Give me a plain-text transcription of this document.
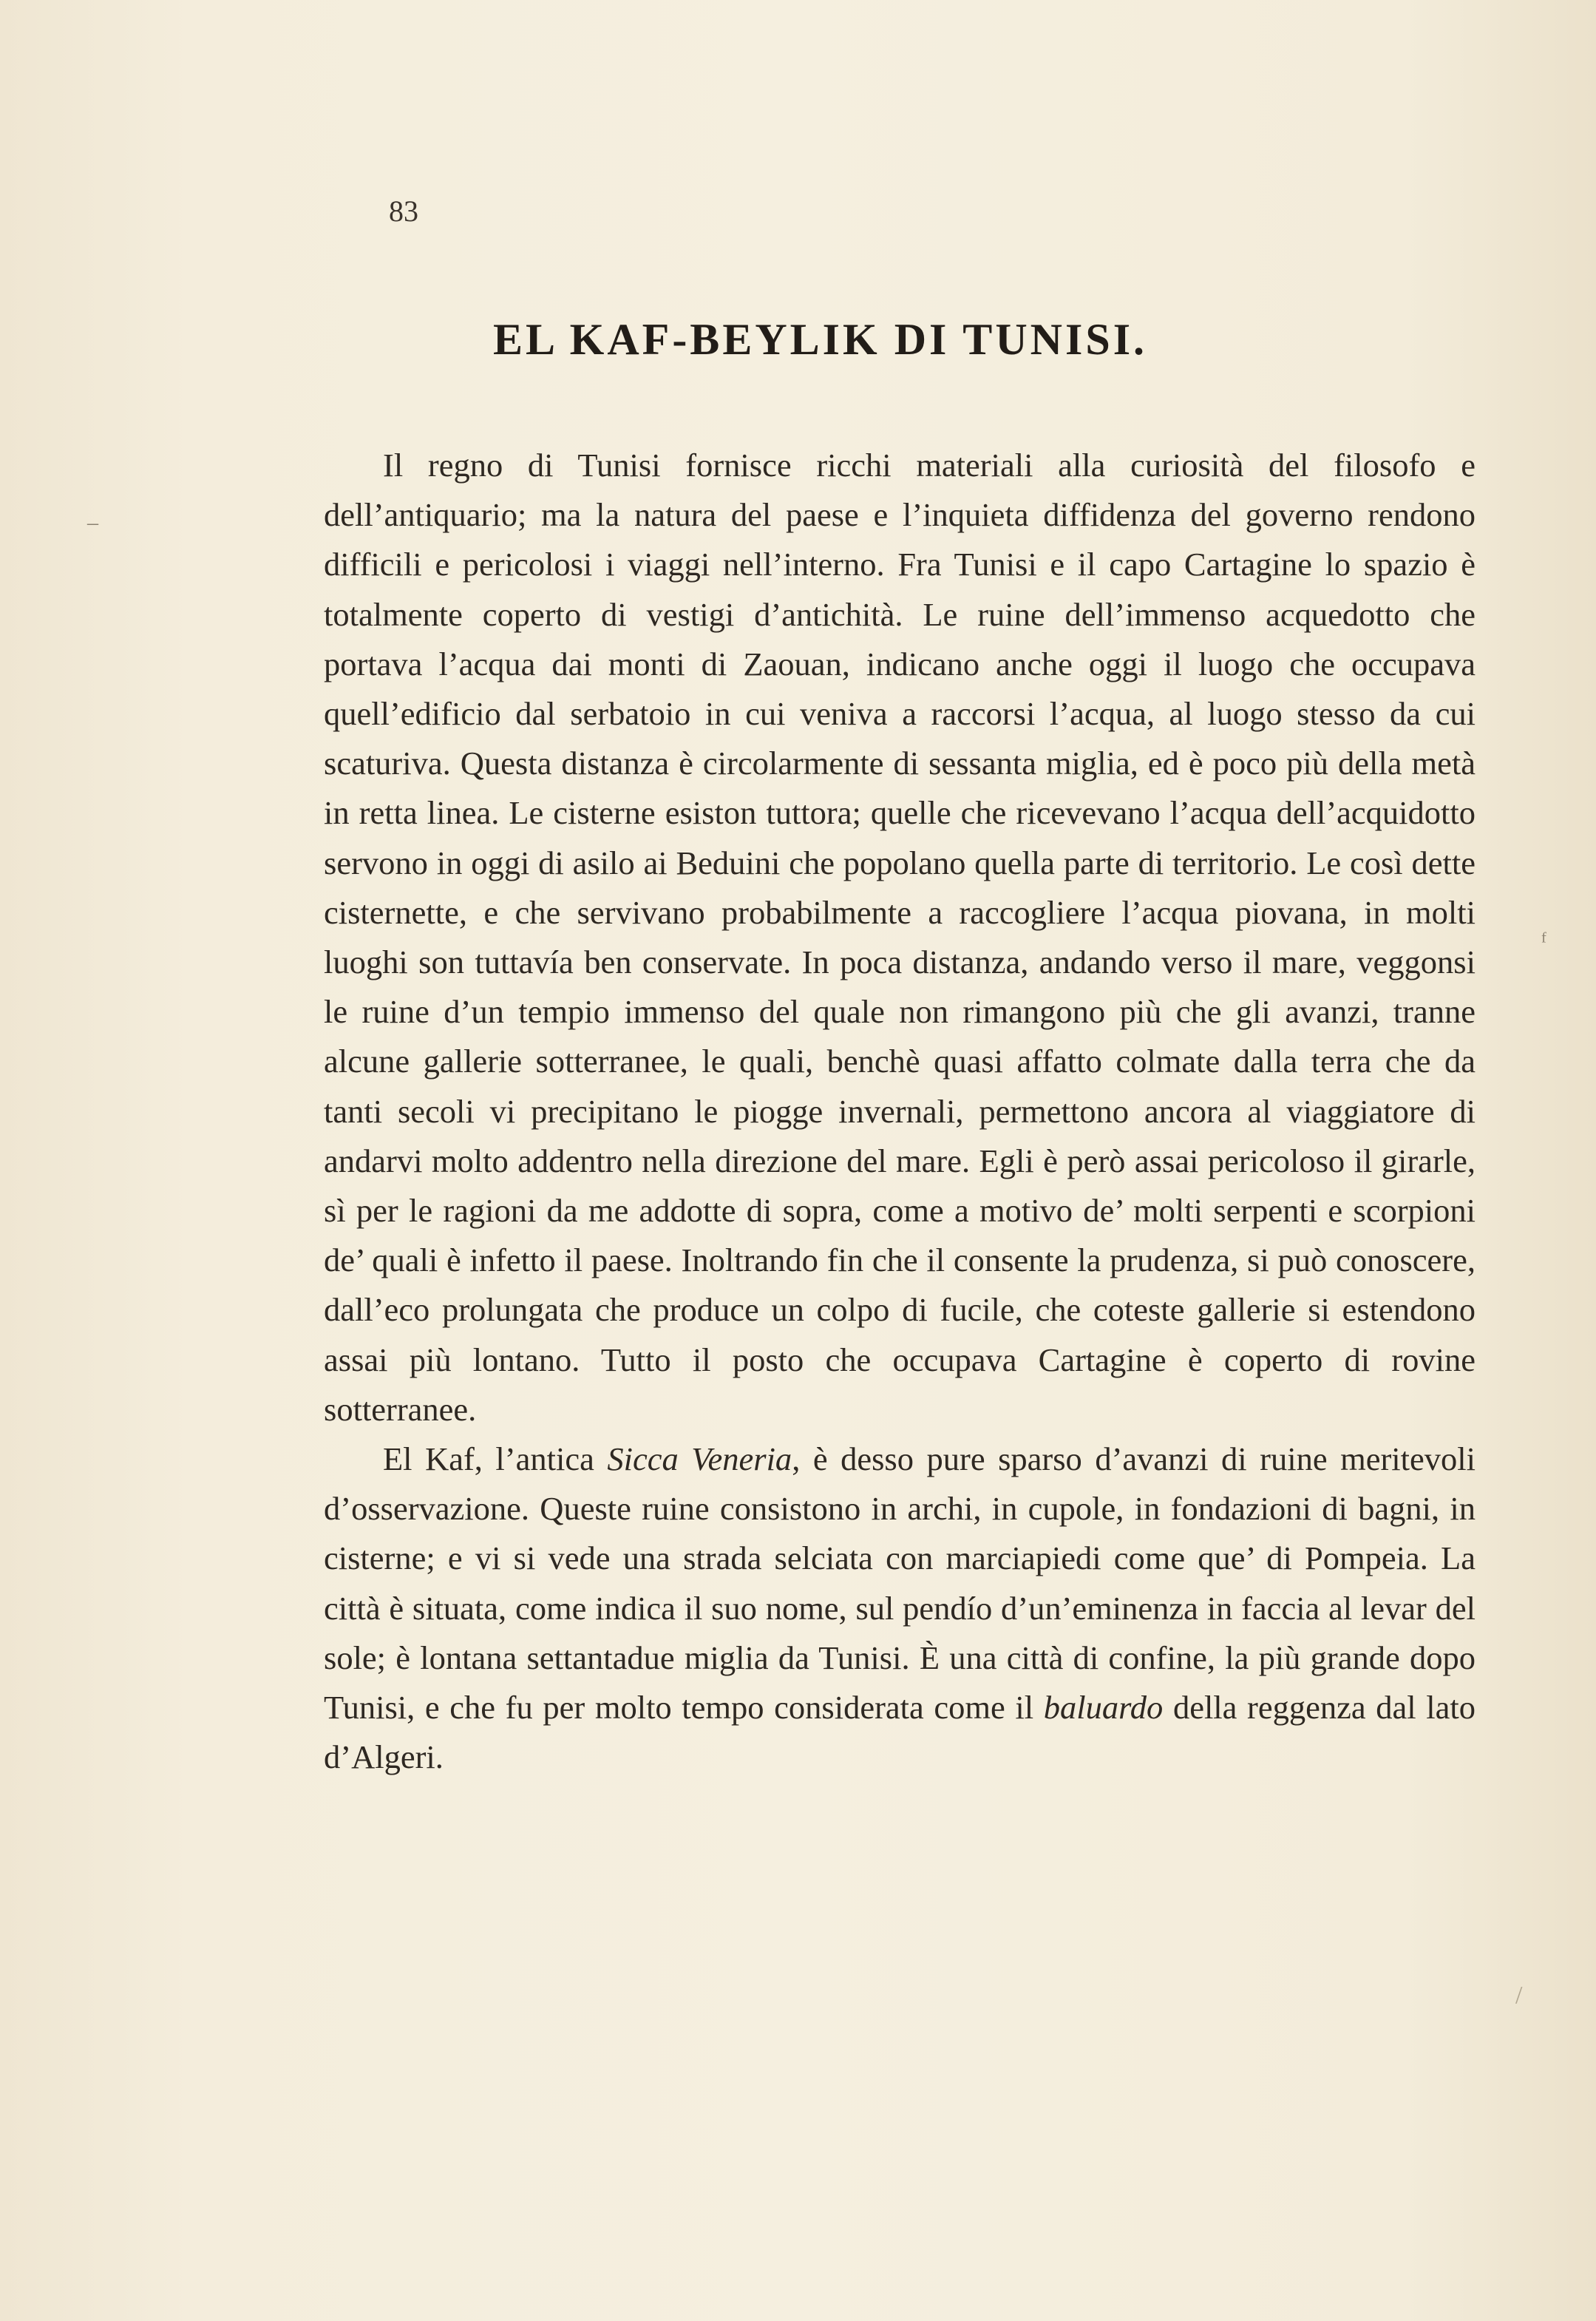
83
EL KAF-BEYLIK DI TUNISI.

Il regno di Tunisi fornisce ricchi materiali alla curiosità del filosofo e dell’antiquario; ma la natura del paese e l’inquieta diffidenza del governo rendono difficili e pericolosi i viaggi nell’interno. Fra Tunisi e il capo Cartagine lo spazio è totalmente coperto di vestigi d’antichità. Le ruine dell’immenso acquedotto che portava l’acqua dai monti di Zaouan, indicano anche oggi il luogo che occupava quell’edificio dal serbatoio in cui veniva a raccorsi l’acqua, al luogo stesso da cui scaturiva. Questa distanza è circolarmente di sessanta miglia, ed è poco più della metà in retta linea. Le cisterne esiston tuttora; quelle che ricevevano l’acqua dell’acquidotto servono in oggi di asilo ai Beduini che popolano quella parte di territorio. Le così dette cisternette, e che servivano probabilmente a raccogliere l’acqua piovana, in molti luoghi son tuttavía ben conservate. In poca distanza, andando verso il mare, veggonsi le ruine d’un tempio immenso del quale non rimangono più che gli avanzi, tranne alcune gallerie sotterranee, le quali, benchè quasi affatto colmate dalla terra che da tanti secoli vi precipitano le piogge invernali, permettono ancora al viaggiatore di andarvi molto addentro nella direzione del mare. Egli è però assai pericoloso il girarle, sì per le ragioni da me addotte di sopra, come a motivo de’ molti serpenti e scorpioni de’ quali è infetto il paese. Inoltrando fin che il consente la prudenza, si può conoscere, dall’eco prolungata che produce un colpo di fucile, che coteste gallerie si estendono assai più lontano. Tutto il posto che occupava Cartagine è coperto di rovine sotterranee.

El Kaf, l’antica Sicca Veneria, è desso pure sparso d’avanzi di ruine meritevoli d’osservazione. Queste ruine consistono in archi, in cupole, in fondazioni di bagni, in cisterne; e vi si vede una strada selciata con marciapiedi come que’ di Pompeia. La città è situata, come indica il suo nome, sul pendío d’un’eminenza in faccia al levar del sole; è lontana settantadue miglia da Tunisi. È una città di confine, la più grande dopo Tunisi, e che fu per molto tempo considerata come il baluardo della reggenza dal lato d’Algeri.

‒
ᶠ
/
